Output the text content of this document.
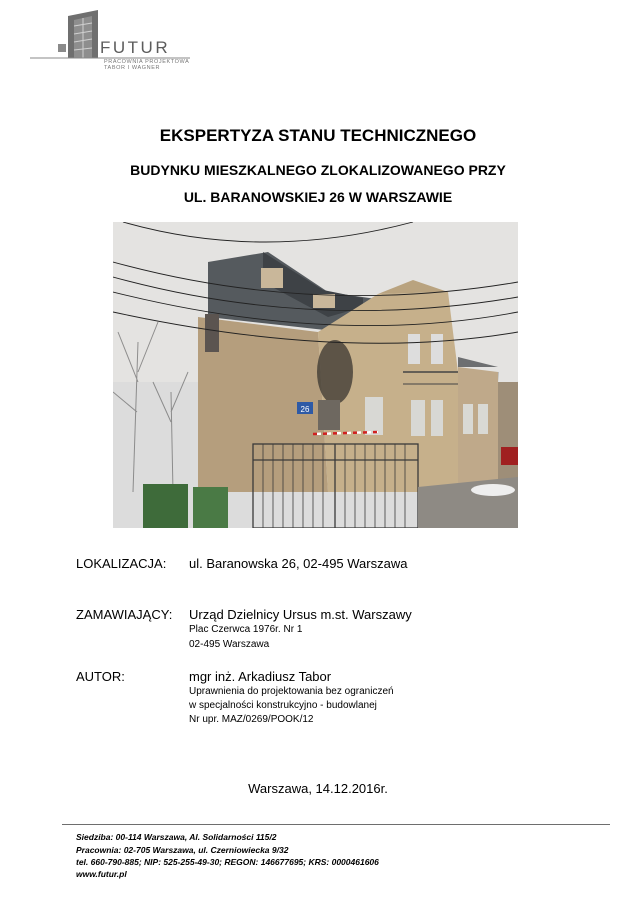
FUTUR
PRACOWNIA PROJEKTOWA
TABOR I WAGNER
EKSPERTYZA STANU TECHNICZNEGO
BUDYNKU MIESZKALNEGO ZLOKALIZOWANEGO PRZY
UL. BARANOWSKIEJ 26 W WARSZAWIE
26
LOKALIZACJA: ul. Baranowska 26, 02-495 Warszawa
ZAMAWIAJĄCY: Urząd Dzielnicy Ursus m.st. Warszawy
Plac Czerwca 1976r. Nr 1
02-495 Warszawa
AUTOR:	mgr inż. Arkadiusz Tabor
Uprawnienia do projektowania bez ograniczeń
w specjalności konstrukcyjno - budowlanej
Nr upr. MAZ/0269/POOK/12
Warszawa, 14.12.2016r.
Siedziba: 00-114 Warszawa, Al. Solidarności 115/2
Pracownia: 02-705 Warszawa, ul. Czerniowiecka 9/32
tel. 660-790-885; NIP: 525-255-49-30; REGON: 146677695; KRS: 0000461606
www.futur.pl
